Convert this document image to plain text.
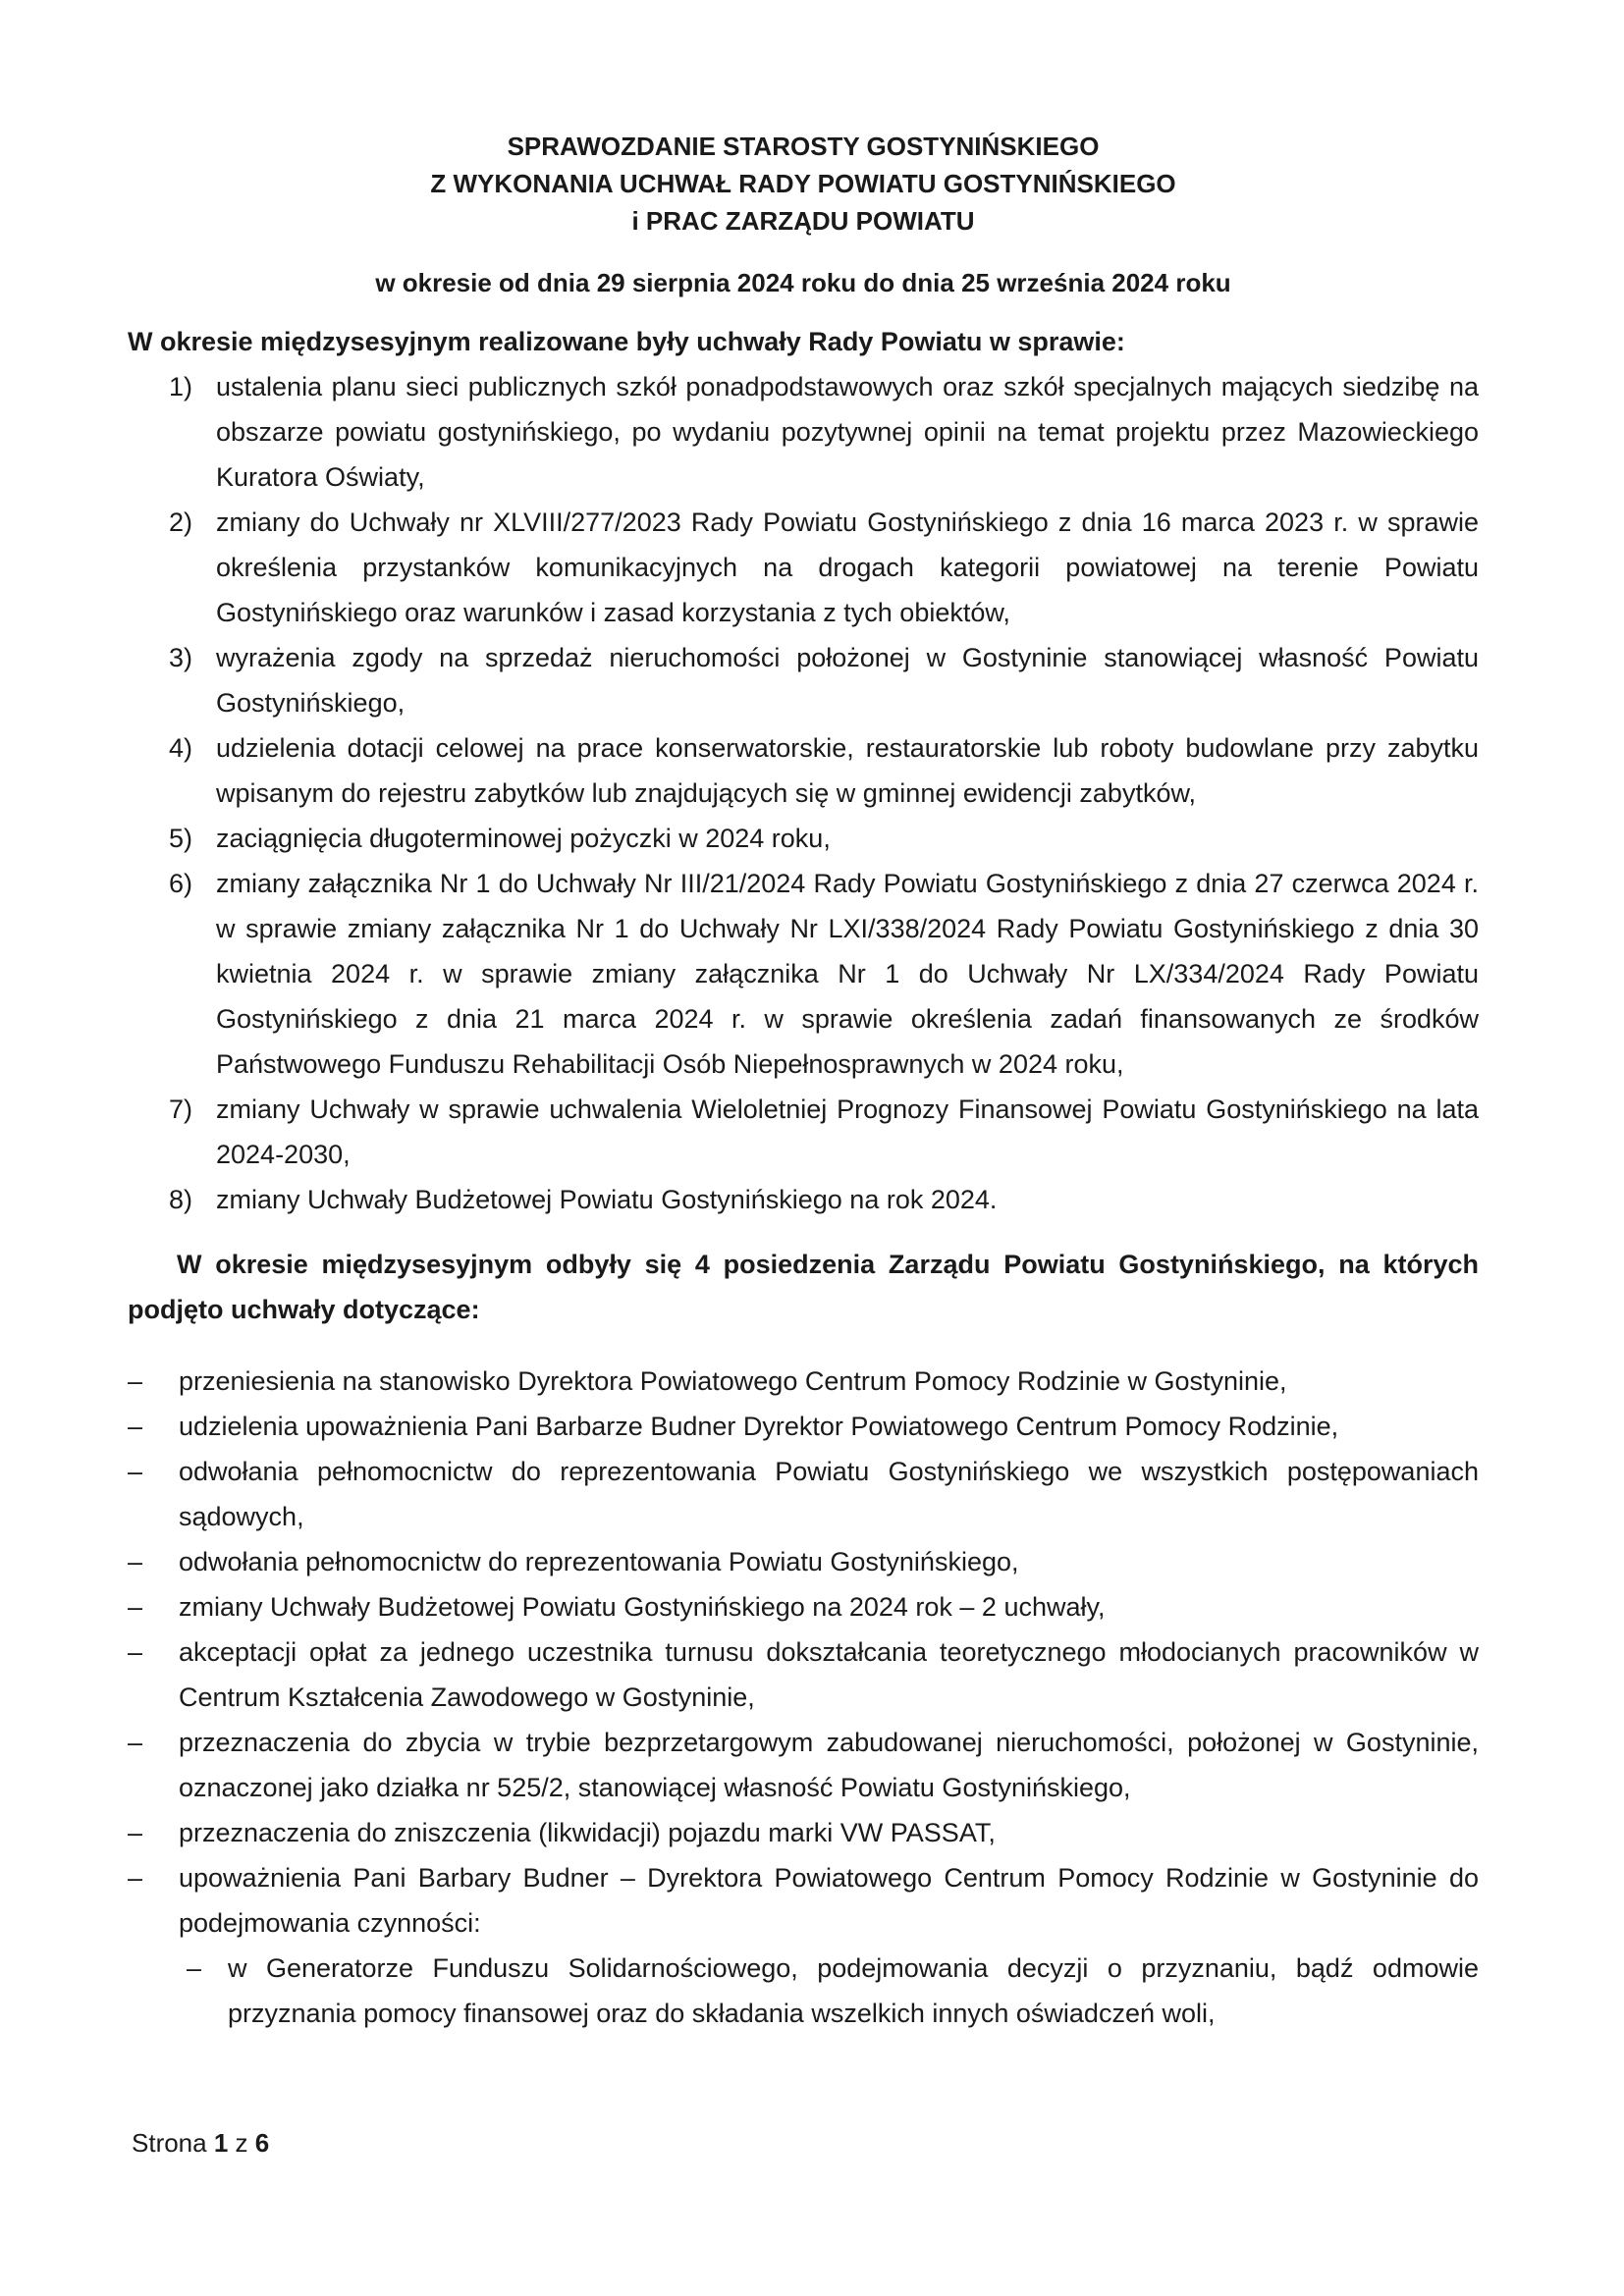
SPRAWOZDANIE STAROSTY GOSTYNIŃSKIEGO

Z WYKONANIA UCHWAŁ RADY POWIATU GOSTYNIŃSKIEGO

i PRAC ZARZĄDU POWIATU

w okresie od dnia 29 sierpnia 2024 roku do dnia 25 września 2024 roku

W okresie międzysesyjnym realizowane były uchwały Rady Powiatu w sprawie:

1) ustalenia planu sieci publicznych szkół ponadpodstawowych oraz szkół specjalnych mających siedzibę na obszarze powiatu gostynińskiego, po wydaniu pozytywnej opinii na temat projektu przez Mazowieckiego Kuratora Oświaty,
2) zmiany do Uchwały nr XLVIII/277/2023 Rady Powiatu Gostynińskiego z dnia 16 marca 2023 r. w sprawie określenia przystanków komunikacyjnych na drogach kategorii powiatowej na terenie Powiatu Gostynińskiego oraz warunków i zasad korzystania z tych obiektów,
3) wyrażenia zgody na sprzedaż nieruchomości położonej w Gostyninie stanowiącej własność Powiatu Gostynińskiego,
4) udzielenia dotacji celowej na prace konserwatorskie, restauratorskie lub roboty budowlane przy zabytku wpisanym do rejestru zabytków lub znajdujących się w gminnej ewidencji zabytków,
5) zaciągnięcia długoterminowej pożyczki w 2024 roku,
6) zmiany załącznika Nr 1 do Uchwały Nr III/21/2024 Rady Powiatu Gostynińskiego z dnia 27 czerwca 2024 r. w sprawie zmiany załącznika Nr 1 do Uchwały Nr LXI/338/2024 Rady Powiatu Gostynińskiego z dnia 30 kwietnia 2024 r. w sprawie zmiany załącznika Nr 1 do Uchwały Nr LX/334/2024 Rady Powiatu Gostynińskiego z dnia 21 marca 2024 r. w sprawie określenia zadań finansowanych ze środków Państwowego Funduszu Rehabilitacji Osób Niepełnosprawnych w 2024 roku,
7) zmiany Uchwały w sprawie uchwalenia Wieloletniej Prognozy Finansowej Powiatu Gostynińskiego na lata 2024-2030,
8) zmiany Uchwały Budżetowej Powiatu Gostynińskiego na rok 2024.

W okresie międzysesyjnym odbyły się 4 posiedzenia Zarządu Powiatu Gostynińskiego, na których podjęto uchwały dotyczące:

– przeniesienia na stanowisko Dyrektora Powiatowego Centrum Pomocy Rodzinie w Gostyninie,
– udzielenia upoważnienia Pani Barbarze Budner Dyrektor Powiatowego Centrum Pomocy Rodzinie,
– odwołania pełnomocnictw do reprezentowania Powiatu Gostynińskiego we wszystkich postępowaniach sądowych,
– odwołania pełnomocnictw do reprezentowania Powiatu Gostynińskiego,
– zmiany Uchwały Budżetowej Powiatu Gostynińskiego na 2024 rok – 2 uchwały,
– akceptacji opłat za jednego uczestnika turnusu dokształcania teoretycznego młodocianych pracowników w Centrum Kształcenia Zawodowego w Gostyninie,
– przeznaczenia do zbycia w trybie bezprzetargowym zabudowanej nieruchomości, położonej w Gostyninie, oznaczonej jako działka nr 525/2, stanowiącej własność Powiatu Gostynińskiego,
– przeznaczenia do zniszczenia (likwidacji) pojazdu marki VW PASSAT,
– upoważnienia Pani Barbary Budner – Dyrektora Powiatowego Centrum Pomocy Rodzinie w Gostyninie do podejmowania czynności:
– w Generatorze Funduszu Solidarnościowego, podejmowania decyzji o przyznaniu, bądź odmowie przyznania pomocy finansowej oraz do składania wszelkich innych oświadczeń woli,
Strona 1 z 6
